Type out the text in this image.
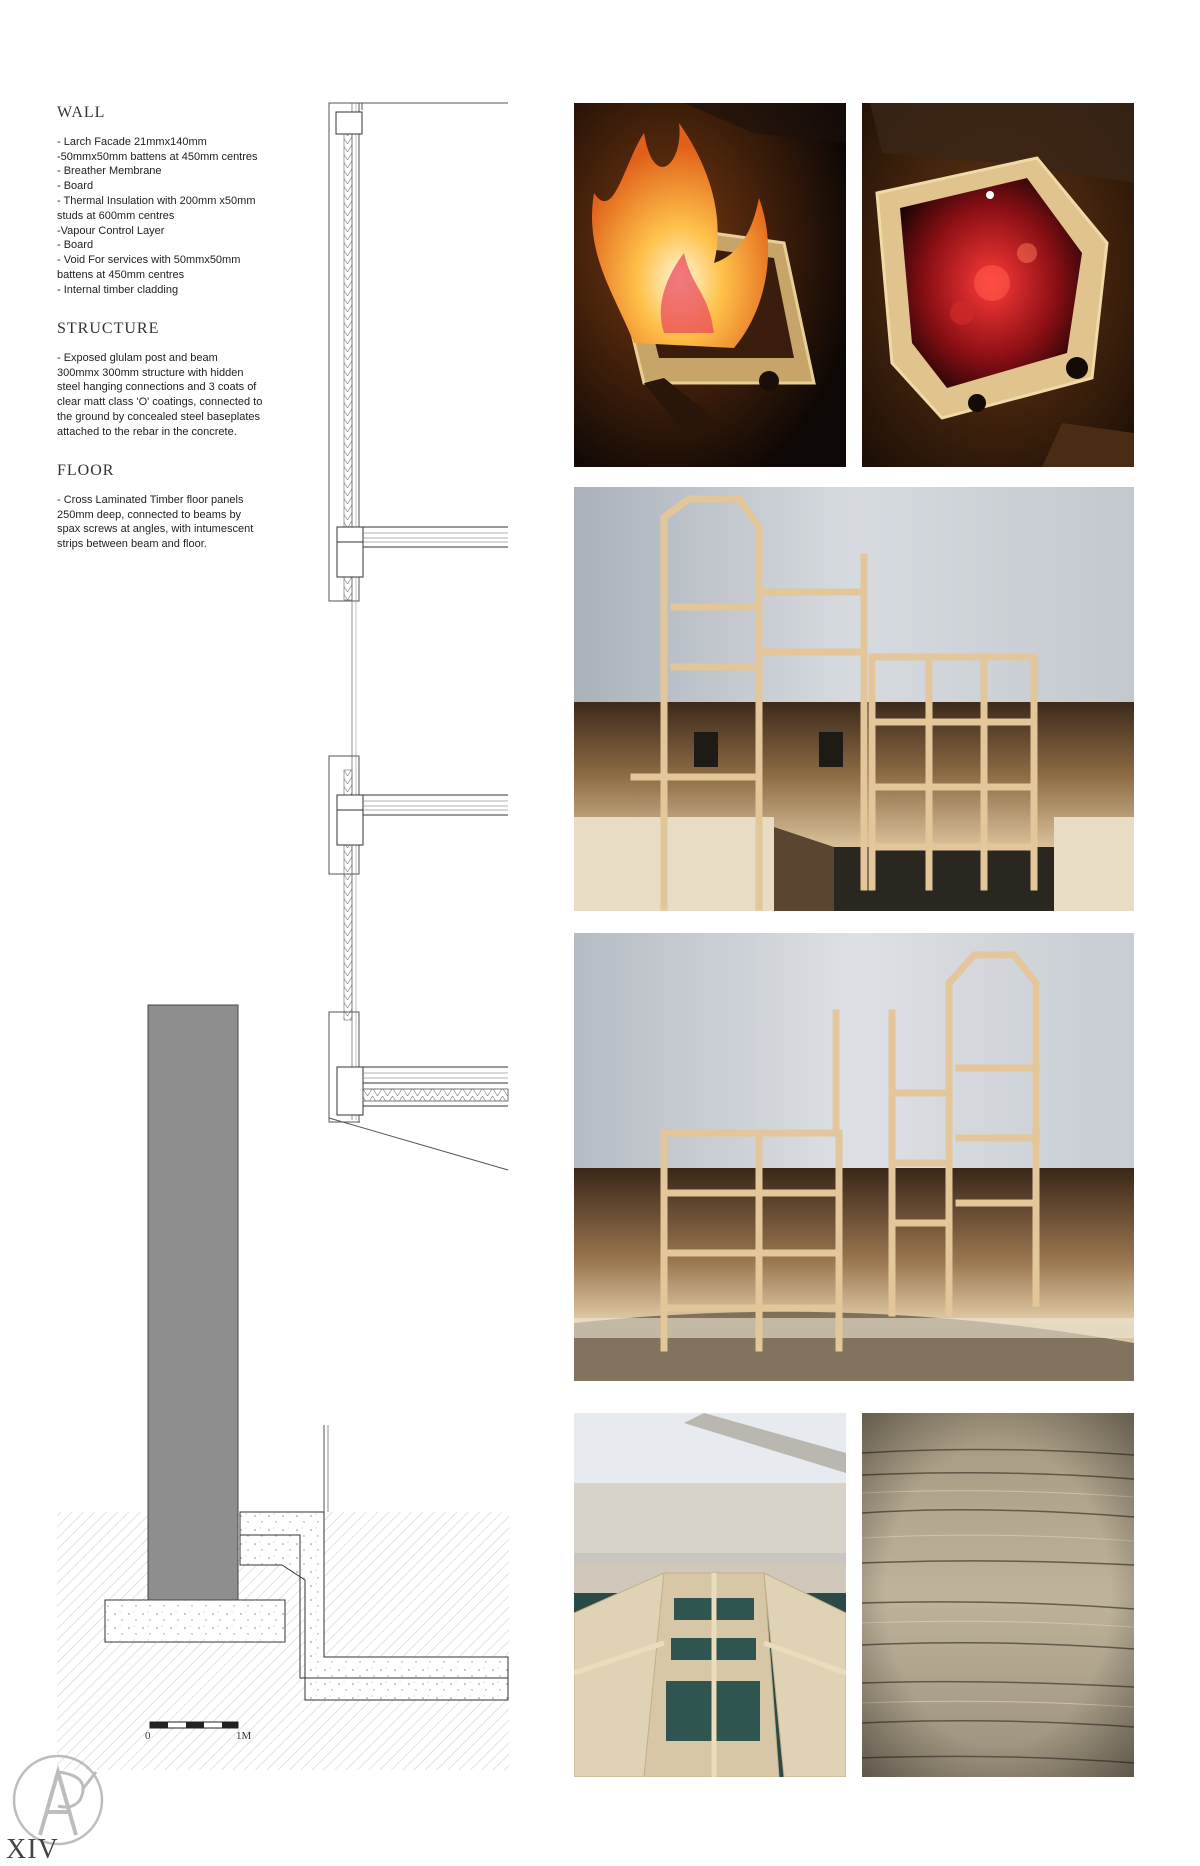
WALL
- Larch Facade 21mmx140mm
-50mmx50mm battens at 450mm centres
- Breather Membrane
- Board
- Thermal Insulation with 200mm x50mm
studs at 600mm centres
-Vapour Control Layer
- Board
- Void For services with 50mmx50mm
battens at 450mm centres
- Internal timber cladding
STRUCTURE
- Exposed glulam post and beam
300mmx 300mm structure with hidden
steel hanging connections and 3 coats of
clear matt class 'O' coatings, connected to
the ground by concealed steel baseplates
attached to the rebar in the concrete.
FLOOR
- Cross Laminated Timber floor panels
250mm deep, connected to beams by
spax screws at angles, with intumescent
strips between beam and floor.
0	1M
XIV
